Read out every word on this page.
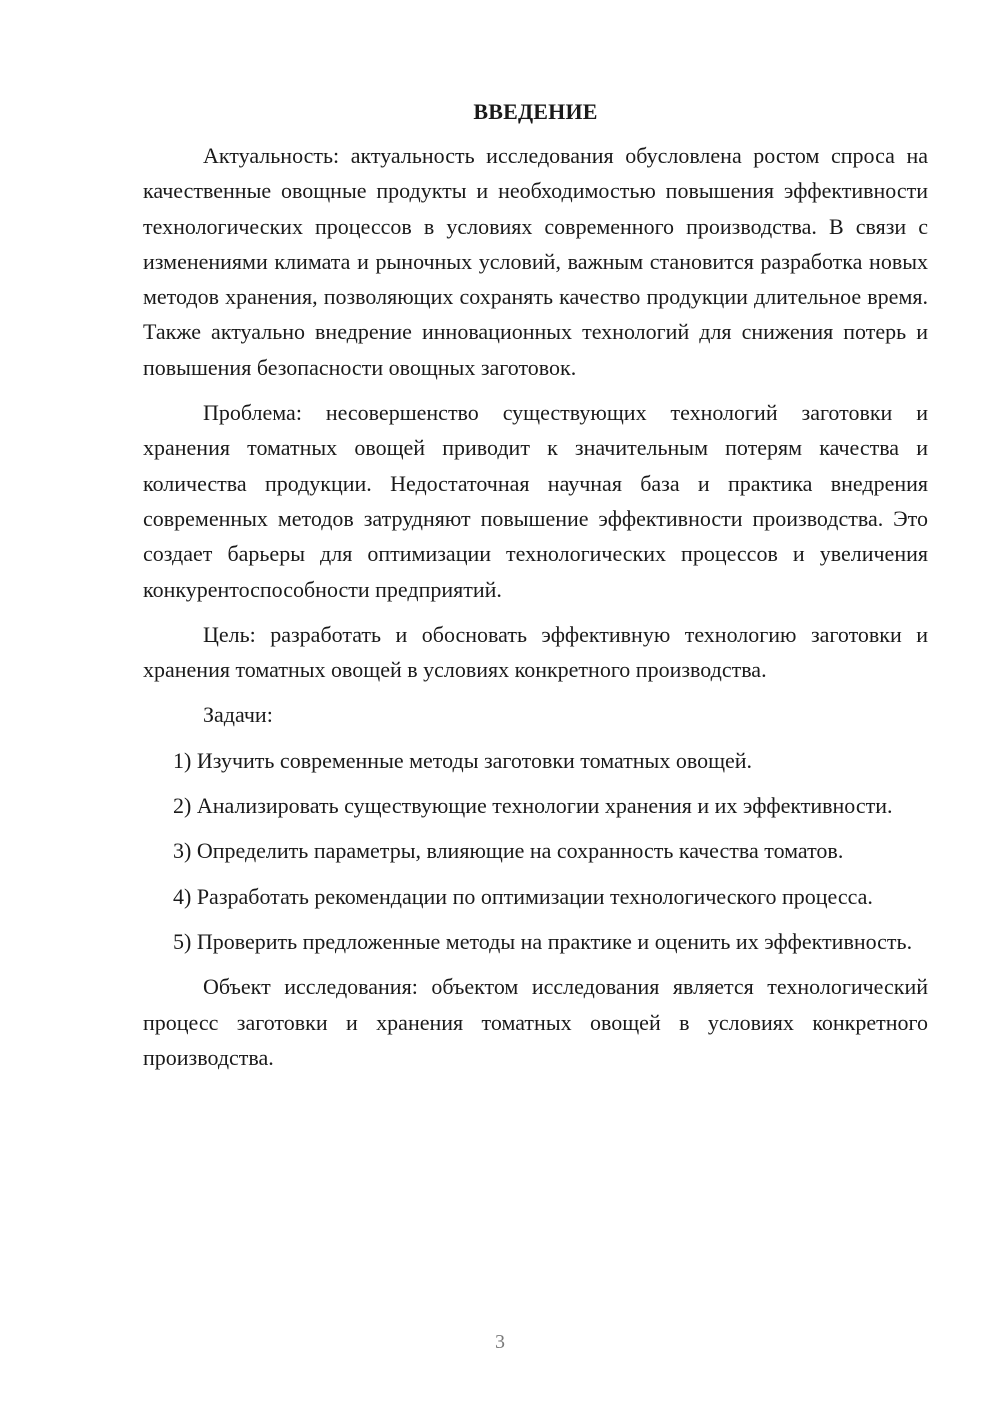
ВВЕДЕНИЕ

Актуальность: актуальность исследования обусловлена ростом спроса на качественные овощные продукты и необходимостью повышения эффективности технологических процессов в условиях современного производства. В связи с изменениями климата и рыночных условий, важным становится разработка новых методов хранения, позволяющих сохранять качество продукции длительное время. Также актуально внедрение инновационных технологий для снижения потерь и повышения безопасности овощных заготовок.

Проблема: несовершенство существующих технологий заготовки и хранения томатных овощей приводит к значительным потерям качества и количества продукции. Недостаточная научная база и практика внедрения современных методов затрудняют повышение эффективности производства. Это создает барьеры для оптимизации технологических процессов и увеличения конкурентоспособности предприятий.

Цель: разработать и обосновать эффективную технологию заготовки и хранения томатных овощей в условиях конкретного производства.

Задачи:

1) Изучить современные методы заготовки томатных овощей.

2) Анализировать существующие технологии хранения и их эффективности.

3) Определить параметры, влияющие на сохранность качества томатов.

4) Разработать рекомендации по оптимизации технологического процесса.

5) Проверить предложенные методы на практике и оценить их эффективность.

Объект исследования: объектом исследования является технологический процесс заготовки и хранения томатных овощей в условиях конкретного производства.

3
